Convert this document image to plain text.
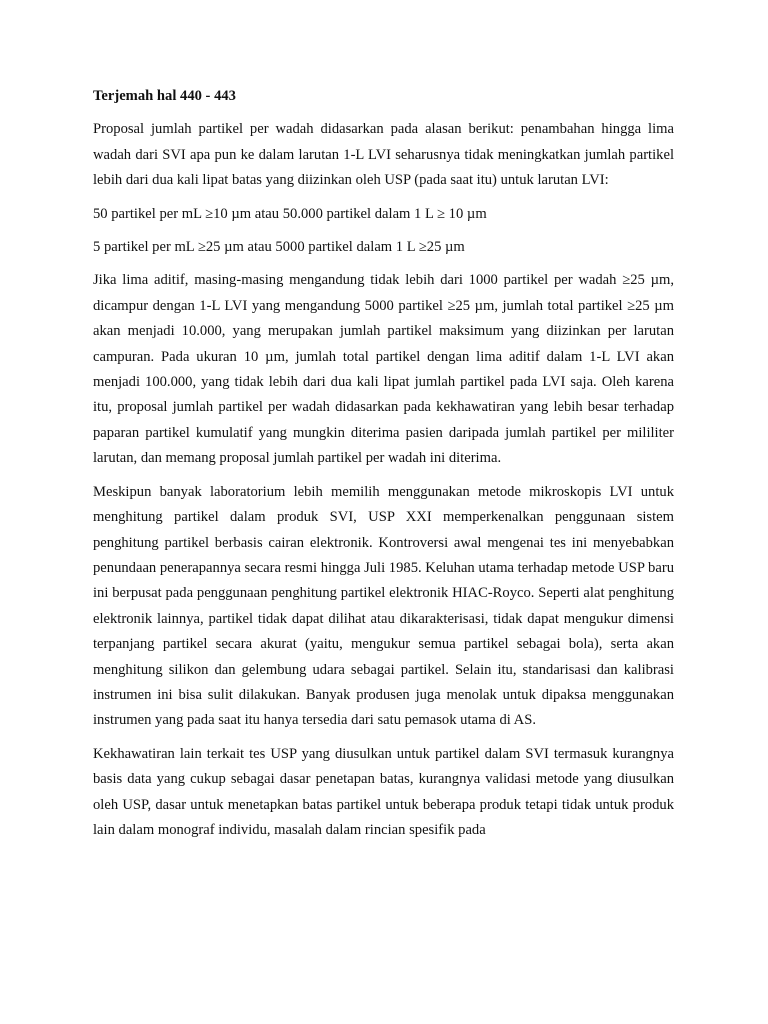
Terjemah hal 440 - 443

Proposal jumlah partikel per wadah didasarkan pada alasan berikut: penambahan hingga lima wadah dari SVI apa pun ke dalam larutan 1-L LVI seharusnya tidak meningkatkan jumlah partikel lebih dari dua kali lipat batas yang diizinkan oleh USP (pada saat itu) untuk larutan LVI:

50 partikel per mL ≥10 µm atau 50.000 partikel dalam 1 L ≥ 10 µm

5 partikel per mL ≥25 µm atau 5000 partikel dalam 1 L ≥25 µm

Jika lima aditif, masing-masing mengandung tidak lebih dari 1000 partikel per wadah ≥25 µm, dicampur dengan 1-L LVI yang mengandung 5000 partikel ≥25 µm, jumlah total partikel ≥25 µm akan menjadi 10.000, yang merupakan jumlah partikel maksimum yang diizinkan per larutan campuran. Pada ukuran 10 µm, jumlah total partikel dengan lima aditif dalam 1-L LVI akan menjadi 100.000, yang tidak lebih dari dua kali lipat jumlah partikel pada LVI saja. Oleh karena itu, proposal jumlah partikel per wadah didasarkan pada kekhawatiran yang lebih besar terhadap paparan partikel kumulatif yang mungkin diterima pasien daripada jumlah partikel per mililiter larutan, dan memang proposal jumlah partikel per wadah ini diterima.

Meskipun banyak laboratorium lebih memilih menggunakan metode mikroskopis LVI untuk menghitung partikel dalam produk SVI, USP XXI memperkenalkan penggunaan sistem penghitung partikel berbasis cairan elektronik. Kontroversi awal mengenai tes ini menyebabkan penundaan penerapannya secara resmi hingga Juli 1985. Keluhan utama terhadap metode USP baru ini berpusat pada penggunaan penghitung partikel elektronik HIAC-Royco. Seperti alat penghitung elektronik lainnya, partikel tidak dapat dilihat atau dikarakterisasi, tidak dapat mengukur dimensi terpanjang partikel secara akurat (yaitu, mengukur semua partikel sebagai bola), serta akan menghitung silikon dan gelembung udara sebagai partikel. Selain itu, standarisasi dan kalibrasi instrumen ini bisa sulit dilakukan. Banyak produsen juga menolak untuk dipaksa menggunakan instrumen yang pada saat itu hanya tersedia dari satu pemasok utama di AS.

Kekhawatiran lain terkait tes USP yang diusulkan untuk partikel dalam SVI termasuk kurangnya basis data yang cukup sebagai dasar penetapan batas, kurangnya validasi metode yang diusulkan oleh USP, dasar untuk menetapkan batas partikel untuk beberapa produk tetapi tidak untuk produk lain dalam monograf individu, masalah dalam rincian spesifik pada
